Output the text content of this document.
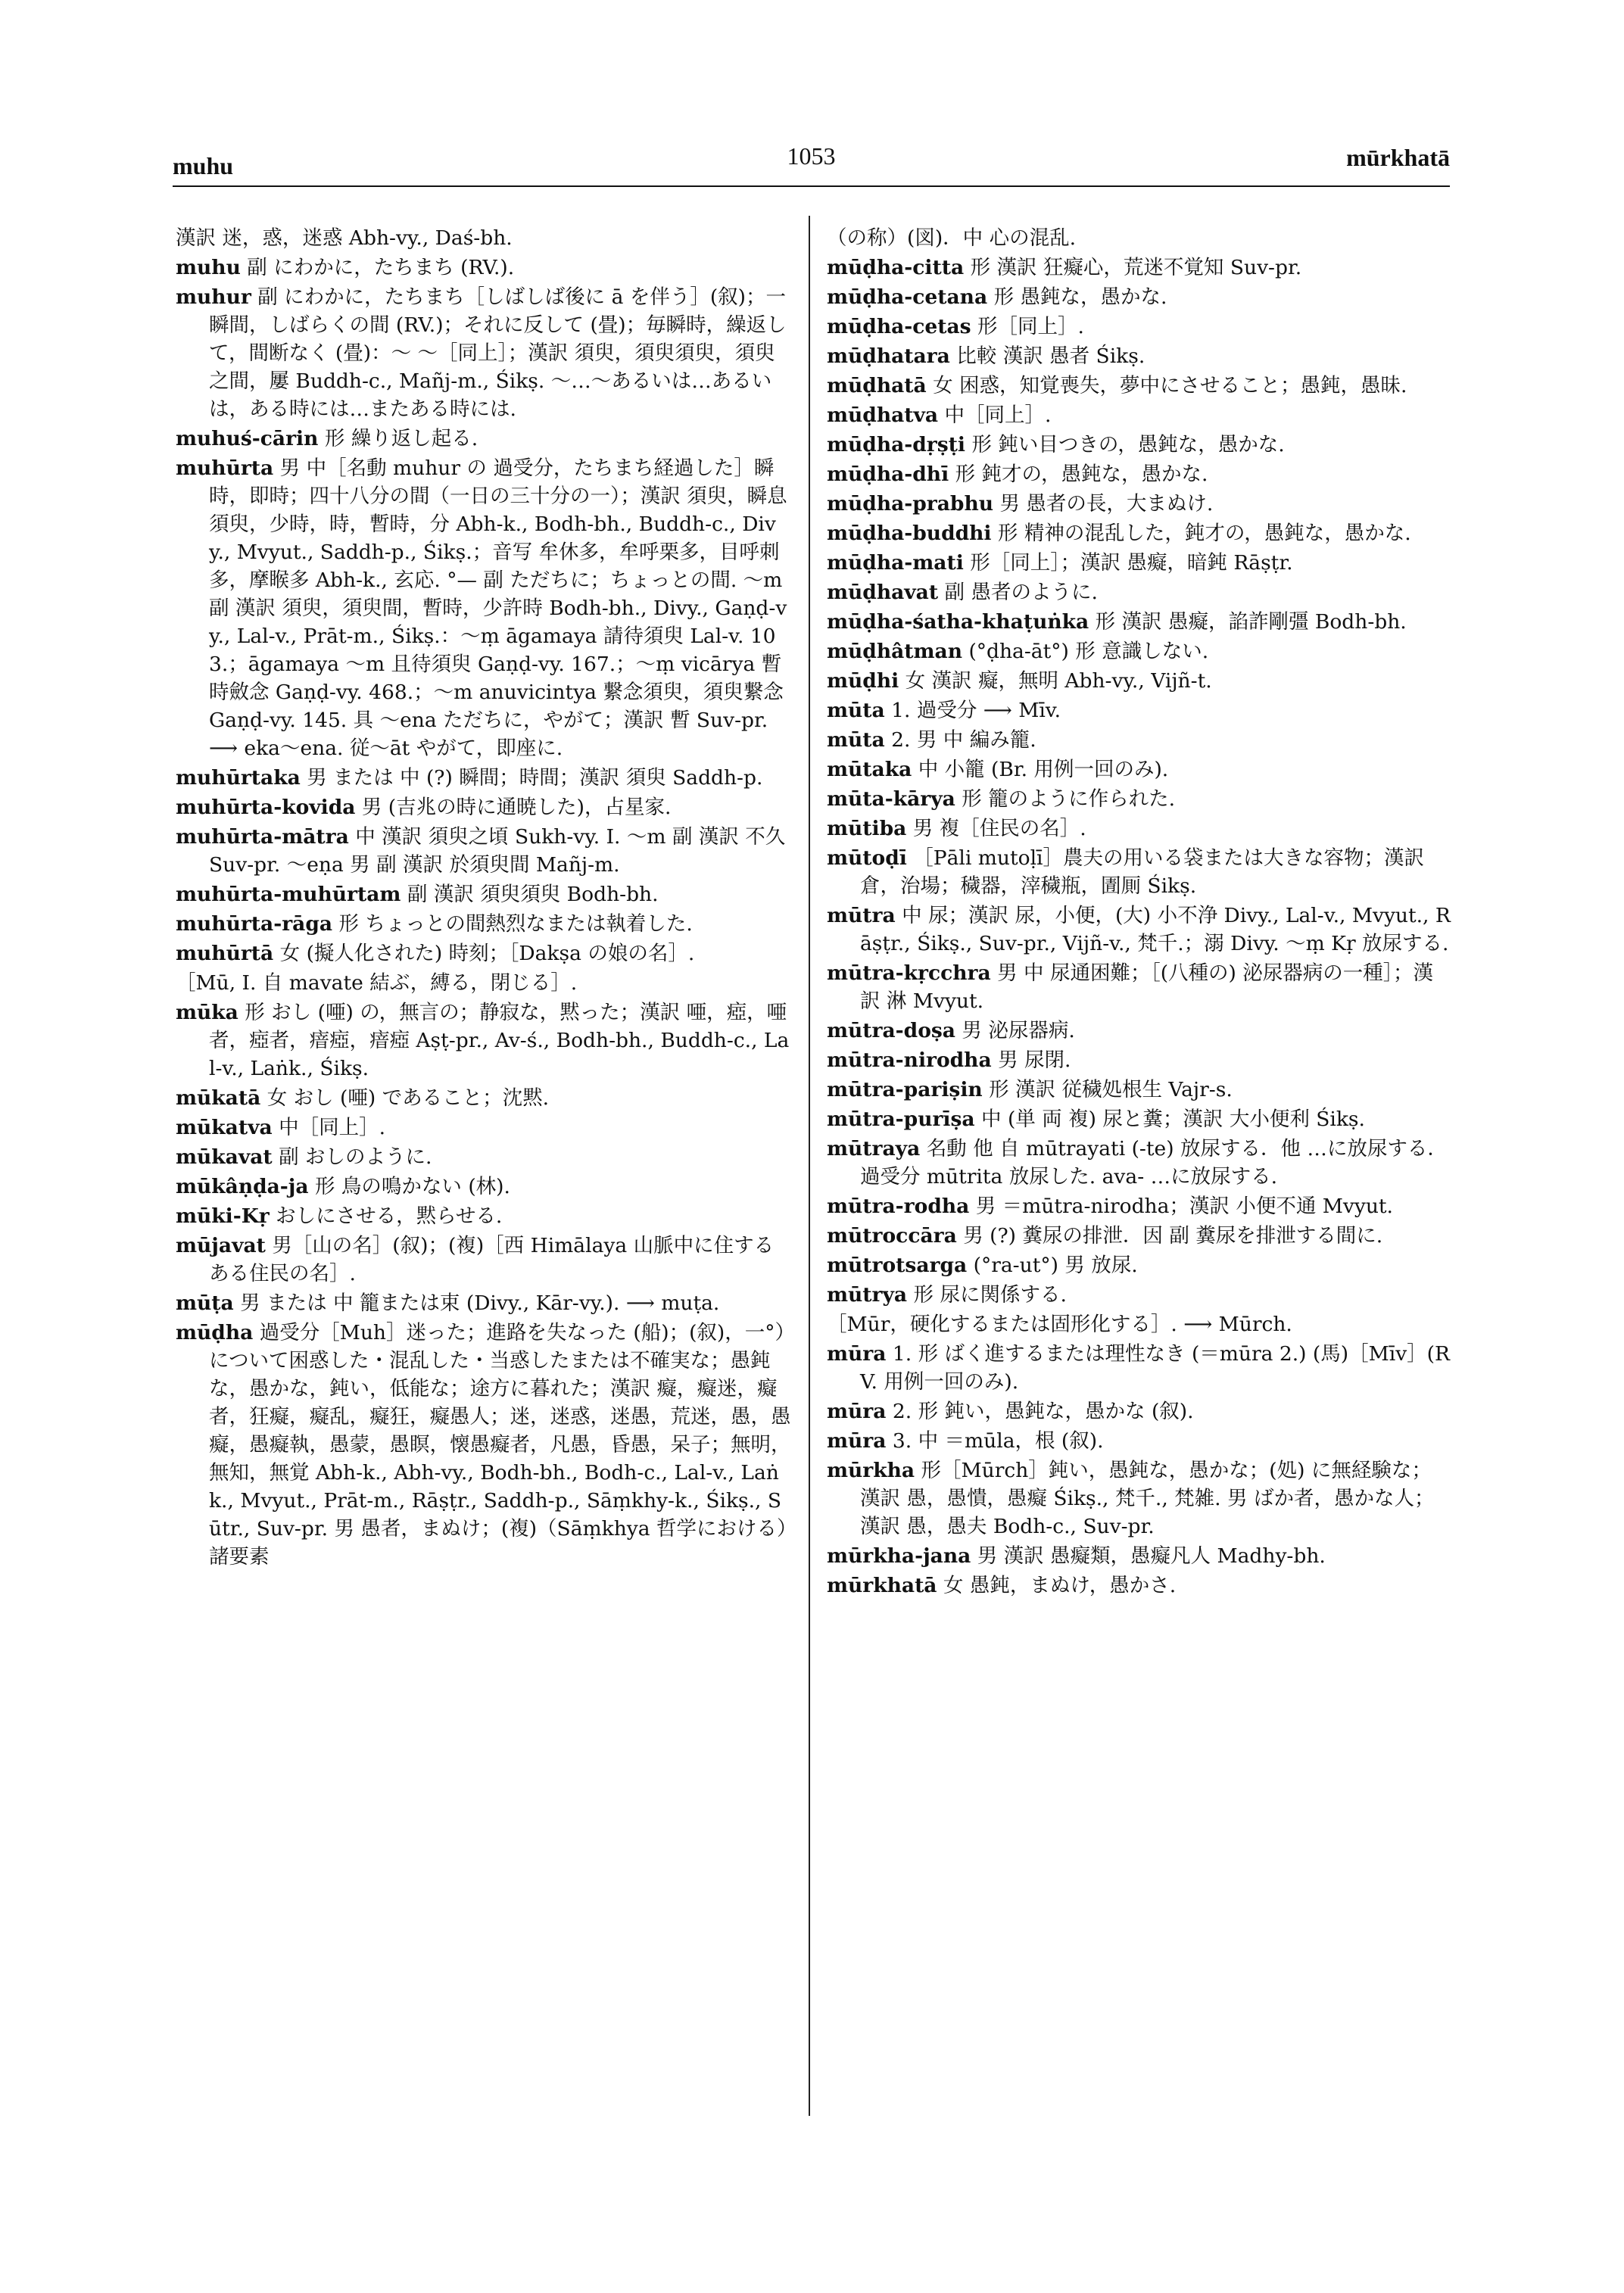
muhu	1053	mūrkhatā

漢訳 迷，惑，迷惑 Abh-vy., Daś-bh.

muhu 副 にわかに，たちまち (RV.).

muhur 副 にわかに，たちまち［しばしば後に ā を伴う］(叙)；一瞬間，しばらくの間 (RV.)；それに反して (畳)；毎瞬時，繰返して，間断なく (畳)：～ ～［同上］；漢訳 須臾，須臾須臾，須臾之間，屢 Buddh-c., Mañj-m., Śikṣ. ～…～あるいは…あるいは，ある時には…またある時には.

muhuś-cārin 形 繰り返し起る.

muhūrta 男 中［名動 muhur の 過受分，たちまち経過した］瞬時，即時；四十八分の間（一日の三十分の一）；漢訳 須臾，瞬息須臾，少時，時，暫時，分 Abh-k., Bodh-bh., Buddh-c., Divy., Mvyut., Saddh-p., Śikṣ.；音写 牟休多，牟呼栗多，目呼刺多，摩睺多 Abh-k., 玄応. °— 副 ただちに；ちょっとの間. ～m 副 漢訳 須臾，須臾間，暫時，少許時 Bodh-bh., Divy., Gaṇḍ-vy., Lal-v., Prāt-m., Śikṣ.：～ṃ āgamaya 請待須臾 Lal-v. 103.；āgamaya ～m 且待須臾 Gaṇḍ-vy. 167.；～ṃ vicārya 暫時斂念 Gaṇḍ-vy. 468.；～m anuvicintya 繋念須臾，須臾繋念 Gaṇḍ-vy. 145. 具 ～ena ただちに，やがて；漢訳 暫 Suv-pr. ⟶ eka～ena. 従～āt やがて，即座に.

muhūrtaka 男 または 中 (?) 瞬間；時間；漢訳 須臾 Saddh-p.

muhūrta-kovida 男 (吉兆の時に通暁した)，占星家.

muhūrta-mātra 中 漢訳 須臾之頃 Sukh-vy. I. ～m 副 漢訳 不久 Suv-pr. ～eṇa 男 副 漢訳 於須臾間 Mañj-m.

muhūrta-muhūrtam 副 漢訳 須臾須臾 Bodh-bh.

muhūrta-rāga 形 ちょっとの間熱烈なまたは執着した.

muhūrtā 女 (擬人化された) 時刻；［Dakṣa の娘の名］.

［Mū, I. 自 mavate 結ぶ，縛る，閉じる］.

mūka 形 おし (唖) の，無言の；静寂な，黙った；漢訳 唖，瘂，唖者，瘂者，瘖瘂，瘖瘂 Aṣṭ-pr., Av-ś., Bodh-bh., Buddh-c., Lal-v., Laṅk., Śikṣ.

mūkatā 女 おし (唖) であること；沈黙.

mūkatva 中［同上］.

mūkavat 副 おしのように.

mūkâṇḍa-ja 形 鳥の鳴かない (林).

mūki-Kṛ おしにさせる，黙らせる.

mūjavat 男［山の名］(叙)；(複)［西 Himālaya 山脈中に住するある住民の名］.

mūṭa 男 または 中 籠または束 (Divy., Kār-vy.). ⟶ muṭa.

mūḍha 過受分［Muh］迷った；進路を失なった (船)；(叙)，一°）について困惑した・混乱した・当惑したまたは不確実な；愚鈍な，愚かな，鈍い，低能な；途方に暮れた；漢訳 癡，癡迷，癡者，狂癡，癡乱，癡狂，癡愚人；迷，迷惑，迷愚，荒迷，愚，愚癡，愚癡執，愚蒙，愚瞑，懐愚癡者，凡愚，昏愚，呆子；無明，無知，無覚 Abh-k., Abh-vy., Bodh-bh., Bodh-c., Lal-v., Laṅk., Mvyut., Prāt-m., Rāṣṭr., Saddh-p., Sāṃkhy-k., Śikṣ., Sūtr., Suv-pr. 男 愚者，まぬけ；(複)（Sāṃkhya 哲学における）諸要素

（の称）(図)．中 心の混乱.

mūḍha-citta 形 漢訳 狂癡心，荒迷不覚知 Suv-pr.

mūḍha-cetana 形 愚鈍な，愚かな.

mūḍha-cetas 形［同上］.

mūḍhatara 比較 漢訳 愚者 Śikṣ.

mūḍhatā 女 困惑，知覚喪失，夢中にさせること；愚鈍，愚昧.

mūḍhatva 中［同上］.

mūḍha-dṛṣṭi 形 鈍い目つきの，愚鈍な，愚かな.

mūḍha-dhī 形 鈍才の，愚鈍な，愚かな.

mūḍha-prabhu 男 愚者の長，大まぬけ.

mūḍha-buddhi 形 精神の混乱した，鈍才の，愚鈍な，愚かな.

mūḍha-mati 形［同上］；漢訳 愚癡，暗鈍 Rāṣṭr.

mūḍhavat 副 愚者のように.

mūḍha-śatha-khaṭuṅka 形 漢訳 愚癡，諂詐剛彊 Bodh-bh.

mūḍhâtman (°ḍha-āt°) 形 意識しない.

mūḍhi 女 漢訳 癡，無明 Abh-vy., Vijñ-t.

mūta 1. 過受分 ⟶ Mīv.

mūta 2. 男 中 編み籠.

mūtaka 中 小籠 (Br. 用例一回のみ).

mūta-kārya 形 籠のように作られた.

mūtiba 男 複［住民の名］.

mūtoḍī ［Pāli mutoḷī］農夫の用いる袋または大きな容物；漢訳 倉，治場；穢器，滓穢瓶，圊厠 Śikṣ.

mūtra 中 尿；漢訳 尿，小便，(大) 小不浄 Divy., Lal-v., Mvyut., Rāṣṭr., Śikṣ., Suv-pr., Vijñ-v., 梵千.；溺 Divy. ～ṃ Kṛ 放尿する.

mūtra-kṛcchra 男 中 尿通困難；［(八種の) 泌尿器病の一種］；漢訳 淋 Mvyut.

mūtra-doṣa 男 泌尿器病.

mūtra-nirodha 男 尿閉.

mūtra-pariṣin 形 漢訳 従穢処根生 Vajr-s.

mūtra-purīṣa 中 (単 両 複) 尿と糞；漢訳 大小便利 Śikṣ.

mūtraya 名動 他 自 mūtrayati (-te) 放尿する．他 …に放尿する．過受分 mūtrita 放尿した. ava- …に放尿する.

mūtra-rodha 男 ＝mūtra-nirodha；漢訳 小便不通 Mvyut.

mūtroccāra 男 (?) 糞尿の排泄．因 副 糞尿を排泄する間に.

mūtrotsarga (°ra-ut°) 男 放尿.

mūtrya 形 尿に関係する.

［Mūr，硬化するまたは固形化する］. ⟶ Mūrch.

mūra 1. 形 ばく進するまたは理性なき (＝mūra 2.) (馬)［Mīv］(RV. 用例一回のみ).

mūra 2. 形 鈍い，愚鈍な，愚かな (叙).

mūra 3. 中 ＝mūla，根 (叙).

mūrkha 形［Mūrch］鈍い，愚鈍な，愚かな；(処) に無経験な；漢訳 愚，愚憒，愚癡 Śikṣ., 梵千., 梵雑. 男 ばか者，愚かな人；漢訳 愚，愚夫 Bodh-c., Suv-pr.

mūrkha-jana 男 漢訳 愚癡類，愚癡凡人 Madhy-bh.

mūrkhatā 女 愚鈍，まぬけ，愚かさ.
